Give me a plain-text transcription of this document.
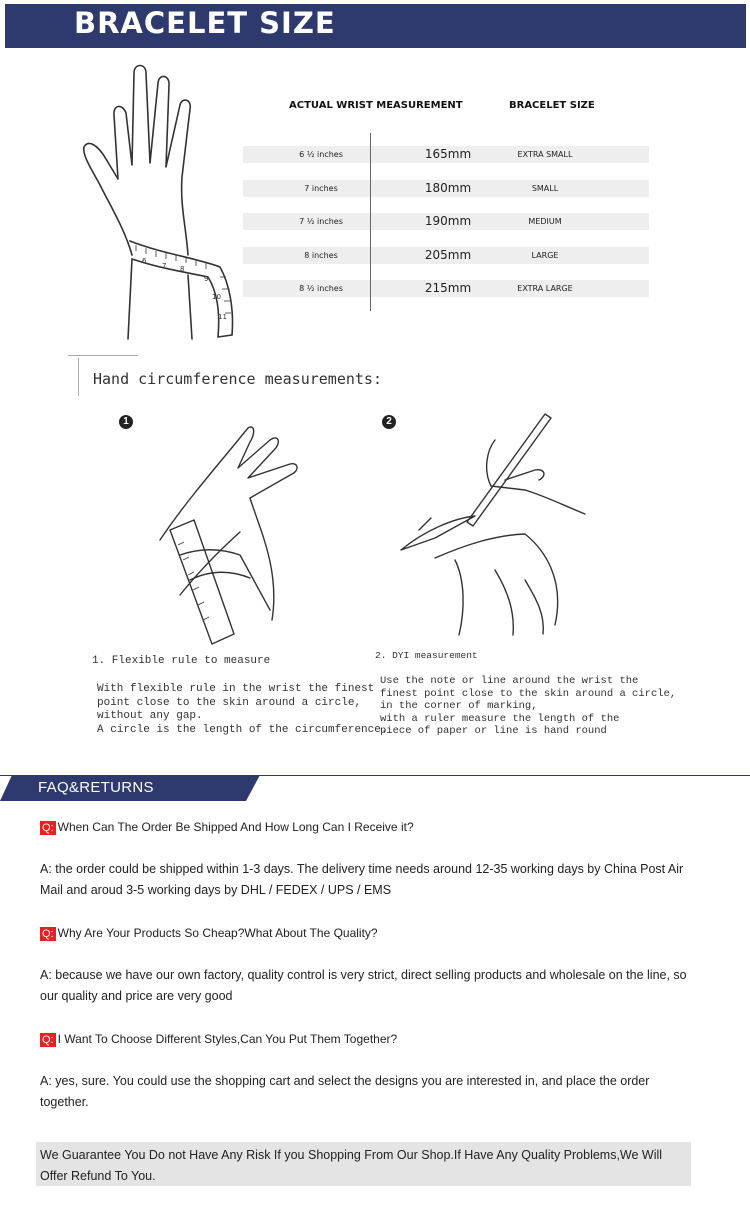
BRACELET SIZE
6
7 8
9
10
11
ACTUAL WRIST MEASUREMENT	BRACELET SIZE
6 ½ inches	165mm	EXTRA SMALL
7 inches	180mm	SMALL
7 ½ inches	190mm	MEDIUM
8 inches	205mm	LARGE
8 ½ inches	215mm	EXTRA LARGE
Hand circumference measurements:
1
1. Flexible rule to measure
With flexible rule in the wrist the finest
point close to the skin around a circle,
without any gap.
A circle is the length of the circumference.
2
2. DYI measurement
Use the note or line around the wrist the
finest point close to the skin around a circle,
in the corner of marking,
with a ruler measure the length of the
piece of paper or line is hand round
FAQ&RETURNS
Q: When Can The Order Be Shipped And How Long Can I Receive it?
A: the order could be shipped within 1-3 days. The delivery time needs around 12-35 working days by China Post Air Mail and aroud 3-5 working days by DHL / FEDEX / UPS / EMS
Q: Why Are Your Products So Cheap?What About The Quality?
A: because we have our own factory, quality control is very strict, direct selling products and wholesale on the line, so our quality and price are very good
Q: I Want To Choose Different Styles,Can You Put Them Together?
A: yes, sure. You could use the shopping cart and select the designs you are interested in, and place the order together.
We Guarantee You Do not Have Any Risk If you Shopping From Our Shop.If Have Any Quality Problems,We Will Offer Refund To You.
